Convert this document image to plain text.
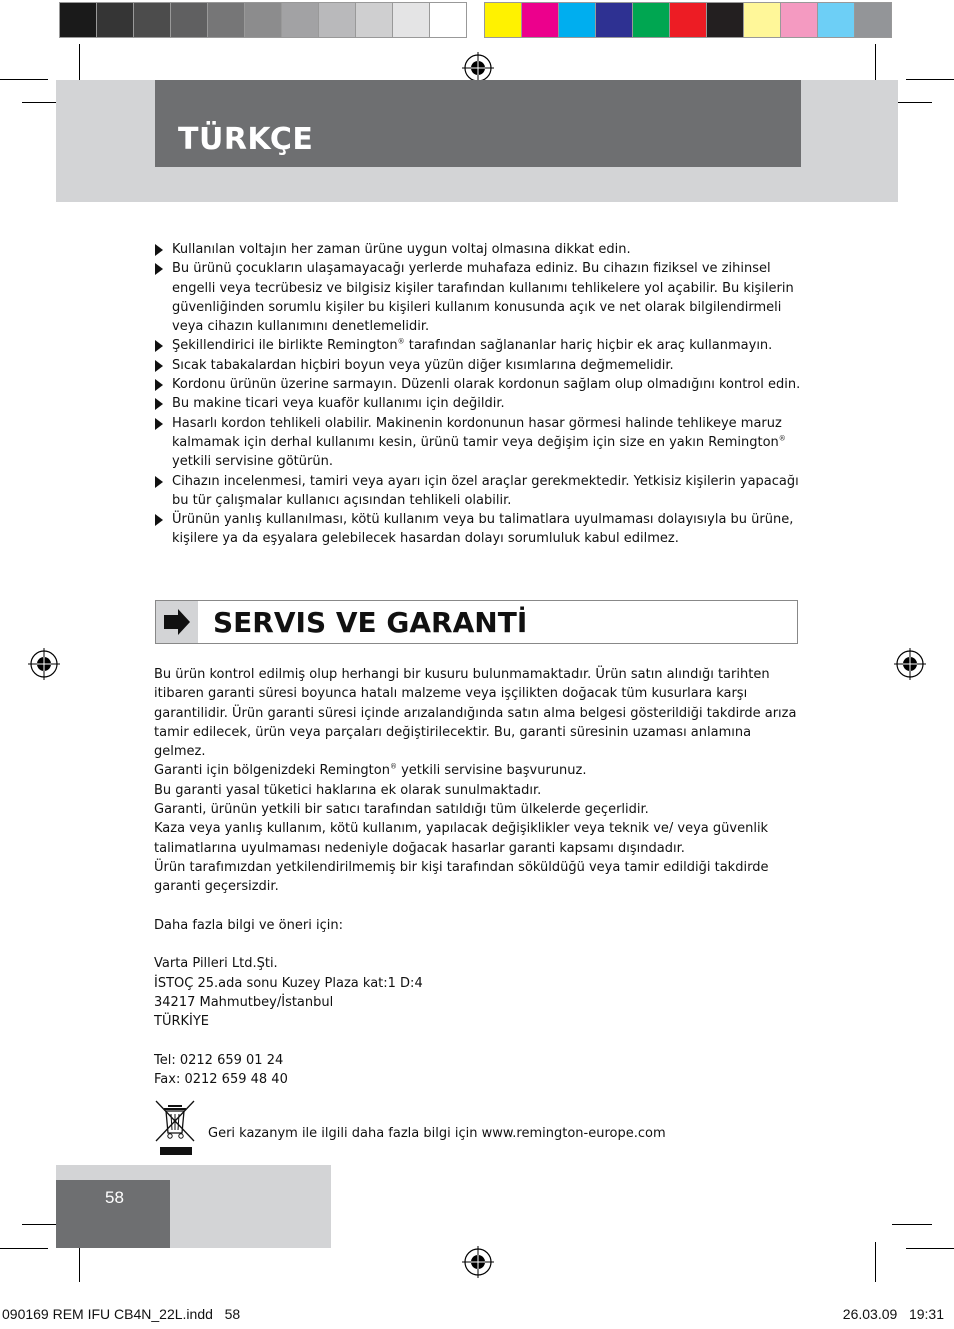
TÜRKÇE
Kullanılan voltajın her zaman ürüne uygun voltaj olmasına dikkat edin.
Bu ürünü çocukların ulaşamayacağı yerlerde muhafaza ediniz. Bu cihazın fiziksel ve zihinsel engelli veya tecrübesiz ve bilgisiz kişiler tarafından kullanımı tehlikelere yol açabilir. Bu kişilerin güvenliğinden sorumlu kişiler bu kişileri kullanım konusunda açık ve net olarak bilgilendirmeli veya cihazın kullanımını denetlemelidir.
Şekillendirici ile birlikte Remington® tarafından sağlananlar hariç hiçbir ek araç kullanmayın.
Sıcak tabakalardan hiçbiri boyun veya yüzün diğer kısımlarına değmemelidir.
Kordonu ürünün üzerine sarmayın. Düzenli olarak kordonun sağlam olup olmadığını kontrol edin.
Bu makine ticari veya kuaför kullanımı için değildir.
Hasarlı kordon tehlikeli olabilir. Makinenin kordonunun hasar görmesi halinde tehlikeye maruz kalmamak için derhal kullanımı kesin, ürünü tamir veya değişim için size en yakın Remington® yetkili servisine götürün.
Cihazın incelenmesi, tamiri veya ayarı için özel araçlar gerekmektedir. Yetkisiz kişilerin yapacağı bu tür çalışmalar kullanıcı açısından tehlikeli olabilir.
Ürünün yanlış kullanılması, kötü kullanım veya bu talimatlara uyulmaması dolayısıyla bu ürüne, kişilere ya da eşyalara gelebilecek hasardan dolayı sorumluluk kabul edilmez.
SERVIS VE GARANTİ

Bu ürün kontrol edilmiş olup herhangi bir kusuru bulunmamaktadır. Ürün satın alındığı tarihten itibaren garanti süresi boyunca hatalı malzeme veya işçilikten doğacak tüm kusurlara karşı garantilidir. Ürün garanti süresi içinde arızalandığında satın alma belgesi gösterildiği takdirde arıza tamir edilecek, ürün veya parçaları değiştirilecektir. Bu, garanti süresinin uzaması anlamına gelmez.

Garanti için bölgenizdeki Remington® yetkili servisine başvurunuz.

Bu garanti yasal tüketici haklarına ek olarak sunulmaktadır.

Garanti, ürünün yetkili bir satıcı tarafından satıldığı tüm ülkelerde geçerlidir.

Kaza veya yanlış kullanım, kötü kullanım, yapılacak değişiklikler veya teknik ve/ veya güvenlik talimatlarına uyulmaması nedeniyle doğacak hasarlar garanti kapsamı dışındadır.

Ürün tarafımızdan yetkilendirilmemiş bir kişi tarafından söküldüğü veya tamir edildiği takdirde garanti geçersizdir.

Daha fazla bilgi ve öneri için:

Varta Pilleri Ltd.Şti.

İSTOÇ 25.ada sonu Kuzey Plaza kat:1 D:4

34217 Mahmutbey/İstanbul

TÜRKİYE

Tel: 0212 659 01 24

Fax: 0212 659 48 40

Geri kazanym ile ilgili daha fazla bilgi için www.remington-europe.com
58
090169 REM IFU CB4N_22L.indd   58	26.03.09   19:31
